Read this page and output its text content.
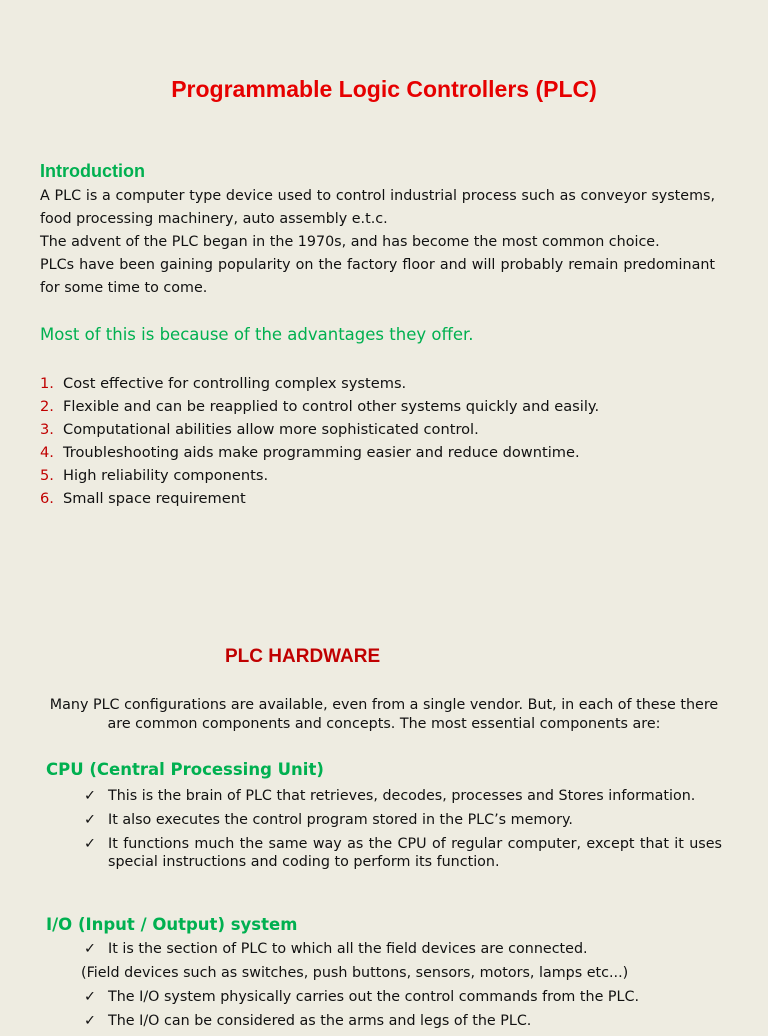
Programmable Logic Controllers (PLC)
Introduction

A PLC is a computer type device used to control industrial process such as conveyor systems, food processing machinery, auto assembly e.t.c.

The advent of the PLC began in the 1970s, and has become the most common choice.

PLCs have been gaining popularity on the factory floor and will probably remain predominant for some time to come.

Most of this is because of the advantages they offer.

1. Cost effective for controlling complex systems.
2. Flexible and can be reapplied to control other systems quickly and easily.
3. Computational abilities allow more sophisticated control.
4. Troubleshooting aids make programming easier and reduce downtime.
5. High reliability components.
6. Small space requirement
PLC HARDWARE

Many PLC configurations are available, even from a single vendor. But, in each of these there are common components and concepts. The most essential components are:

CPU (Central Processing Unit)
✓ This is the brain of PLC that retrieves, decodes, processes and Stores information.
✓ It also executes the control program stored in the PLC’s memory.
✓ It functions much the same way as the CPU of regular computer, except that it uses special instructions and coding to perform its function.
I/O (Input / Output) system
✓ It is the section of PLC to which all the field devices are connected.
(Field devices such as switches, push buttons, sensors, motors, lamps etc...)
✓ The I/O system physically carries out the control commands from the PLC.
✓ The I/O can be considered as the arms and legs of the PLC.
